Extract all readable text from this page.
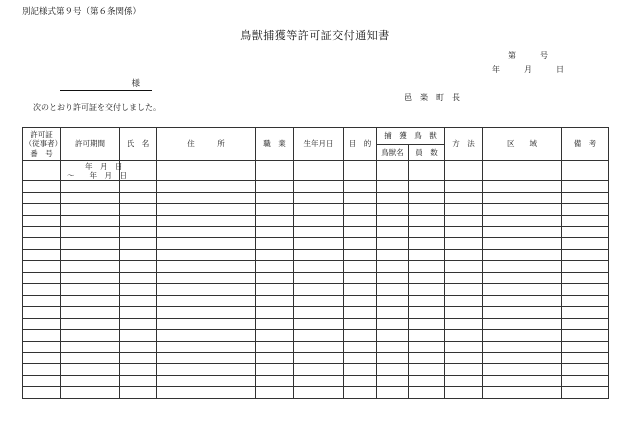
別記様式第９号（第６条関係）
鳥獣捕獲等許可証交付通知書
第　　　号
年　　　月　　　日
様
邑　楽　町　長
次のとおり許可証を交付しました。
許可証（従事者）番　号	許可期間	氏　名	住　　　所	職　業	生年月日	目　的	捕　獲　鳥　獣		方　法	区　　域	備　考
							鳥獣名	員　数			

	年　月　日
～　　年　月　日										
